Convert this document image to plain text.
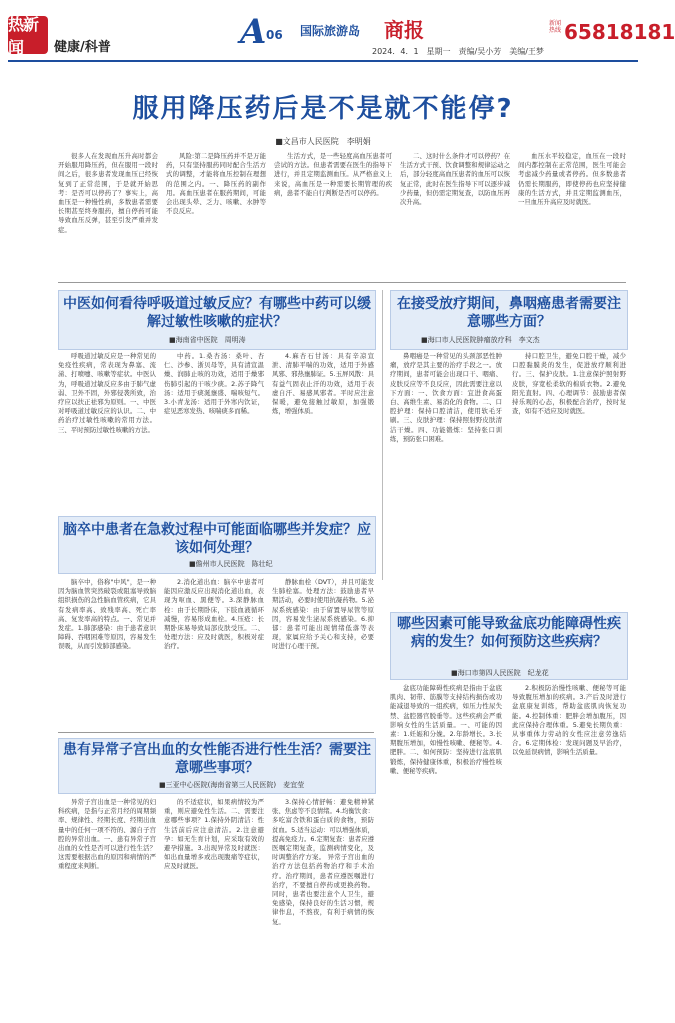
热新闻	健康/科普	A 06 国际旅游岛 商报	新闻热线 65818181
2024．4．1　星期一　责编/吴小芳　美编/王梦
服用降压药后是不是就不能停?
■文昌市人民医院　李明娟
很多人在发现血压升高时都会开始服用降压药，但在服用一段时间之后，很多患者发现血压已经恢复到了正常范围，于是就开始思考：是否可以停药了？事实上，高血压是一种慢性病，多数患者需要长期甚至终身服药，擅自停药可能导致血压反弹，甚至引发严重并发症。
风险:第二是降压药并不是万能药，只有坚持服药同时配合生活方式的调整，才能将血压控制在理想的范围之内。一、降压药的副作用。高血压患者在服药期间，可能会出现头晕、乏力、咳嗽、水肿等不良反应。
生活方式，是一些轻度高血压患者可尝试的方法。但患者需要在医生的指导下进行，并且定期监测血压。从严格意义上来说，高血压是一种需要长期管理的疾病，患者不能自行判断是否可以停药。
二、这时什么条件才可以停药？在生活方式干预、饮食调整和规律运动之后，部分轻度高血压患者的血压可以恢复正常，此时在医生指导下可以逐步减少药量，但仍需定期复查，以防血压再次升高。
血压水平较稳定，血压在一段时间内都控制在正常范围，医生可能会考虑减少药量或者停药。但多数患者仍需长期服药，即使停药也应坚持健康的生活方式，并且定期监测血压，一旦血压升高应及时就医。
中医如何看待呼吸道过敏反应？有哪些中药可以缓解过敏性咳嗽的症状？
■海南省中医院　周明涛
呼吸道过敏反应是一种常见的免疫性疾病，常表现为鼻塞、流涕、打喷嚏、咳嗽等症状。中医认为，呼吸道过敏反应多由于肺气虚弱、卫外不固，外邪侵袭所致，治疗应以扶正祛邪为原则。一、中医对呼吸道过敏反应的认识。二、中药治疗过敏性咳嗽的常用方法。三、平时预防过敏性咳嗽的方法。
中药。1.桑杏汤：桑叶、杏仁、沙参、浙贝母等，具有清宣温燥、润肺止咳的功效，适用于燥邪伤肺引起的干咳少痰。2.苏子降气汤：适用于痰涎壅盛、喘咳短气。3.小青龙汤：适用于外寒内饮证，症见恶寒发热、咳喘痰多而稀。
4.麻杏石甘汤：具有辛凉宣泄、清肺平喘的功效，适用于外感风邪、邪热壅肺证。5.玉屏风散：具有益气固表止汗的功效，适用于表虚自汗、易感风邪者。平时应注意保暖，避免接触过敏原，加强锻炼，增强体质。
在接受放疗期间，鼻咽癌患者需要注意哪些方面？
■海口市人民医院肿瘤放疗科　李文杰
鼻咽癌是一种常见的头颈部恶性肿瘤，放疗是其主要的治疗手段之一。放疗期间，患者可能会出现口干、咽痛、皮肤反应等不良反应，因此需要注意以下方面：一、饮食方面：宜进食高蛋白、高维生素、易消化的食物。二、口腔护理：保持口腔清洁，使用软毛牙刷。三、皮肤护理：保持照射野皮肤清洁干燥。四、功能锻炼：坚持张口训练，预防张口困难。
持口腔卫生，避免口腔干燥，减少口腔黏膜炎的发生，促进放疗顺利进行。三、保护皮肤。1.注意保护照射野皮肤，穿宽松柔软的棉质衣物。2.避免阳光直射。四、心理调节：鼓励患者保持乐观的心态，积极配合治疗，按时复查，如有不适应及时就医。
脑卒中患者在急救过程中可能面临哪些并发症？应该如何处理？
■儋州市人民医院　陈壮纪
脑卒中，俗称"中风"，是一种因为脑血管突然破裂或阻塞导致脑组织损伤的急性脑血管疾病，它具有发病率高、致残率高、死亡率高、复发率高的特点。一、常见并发症。1.肺部感染：由于患者意识障碍、吞咽困难等原因，容易发生误吸，从而引发肺部感染。
2.消化道出血：脑卒中患者可能因应激反应出现消化道出血，表现为呕血、黑便等。3.深静脉血栓：由于长期卧床，下肢血液循环减慢，容易形成血栓。4.压疮：长期卧床易导致局部皮肤受压。二、处理方法：应及时就医，积极对症治疗。
静脉血栓（DVT），并且可能发生肺栓塞。处理方法：鼓励患者早期活动，必要时使用抗凝药物。5.泌尿系统感染：由于留置导尿管等原因，容易发生泌尿系统感染。6.抑郁：患者可能出现情绪低落等表现，家属应给予关心和支持，必要时进行心理干预。
哪些因素可能导致盆底功能障碍性疾病的发生？如何预防这些疾病？
■海口市第四人民医院　纪龙花
盆底功能障碍性疾病是指由于盆底肌肉、韧带、筋膜等支持结构损伤或功能减退导致的一组疾病，如压力性尿失禁、盆腔器官脱垂等。这些疾病会严重影响女性的生活质量。一、可能的因素：1.妊娠和分娩。2.年龄增长。3.长期腹压增加，如慢性咳嗽、便秘等。4.肥胖。二、如何预防：坚持进行盆底肌锻炼，保持健康体重，积极治疗慢性咳嗽、便秘等疾病。
2.积极防治慢性咳嗽、便秘等可能导致腹压增加的疾病。3.产后及时进行盆底康复训练，帮助盆底肌肉恢复功能。4.控制体重：肥胖会增加腹压，因此应保持合理体重。5.避免长期负重：从事重体力劳动的女性应注意劳逸结合。6.定期体检：发现问题及早治疗，以免延误病情，影响生活质量。
患有异常子宫出血的女性能否进行性生活？需要注意哪些事项？
■三亚中心医院(海南省第三人民医院)　麦宜莹
异常子宫出血是一种常见的妇科疾病，是指与正常月经的周期频率、规律性、经期长度、经期出血量中的任何一项不符的、源自子宫腔的异常出血。一、患有异常子宫出血的女性是否可以进行性生活？这需要根据出血的原因和病情的严重程度来判断。
的不适症状，如果病情较为严重，则应避免性生活。二、需要注意哪些事项？1.保持外阴清洁：性生活前后应注意清洁。2.注意避孕：如无生育计划，应采取有效的避孕措施。3.出现异常及时就医：如出血量增多或出现腹痛等症状，应及时就医。
3.保持心情舒畅：避免精神紧张、焦虑等不良情绪。4.均衡饮食：多吃富含铁和蛋白质的食物，预防贫血。5.适当运动：可以增强体质，提高免疫力。6.定期复查：患者应遵医嘱定期复查，监测病情变化，及时调整治疗方案。 异常子宫出血的治疗方法包括药物治疗和手术治疗。治疗期间，患者应遵医嘱进行治疗，不要擅自停药或更换药物。同时，患者也要注意个人卫生，避免感染，保持良好的生活习惯，规律作息，不熬夜，有利于病情的恢复。
